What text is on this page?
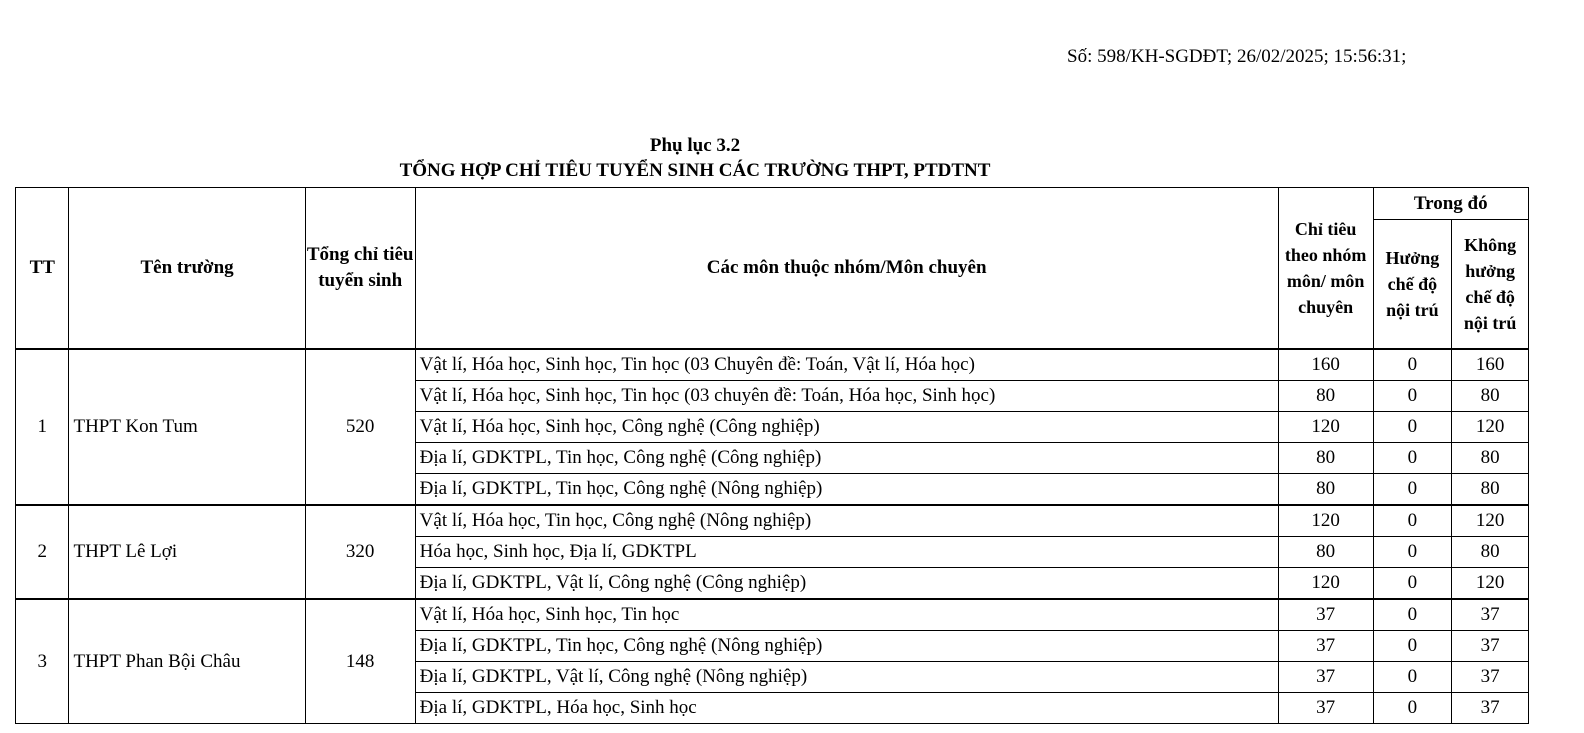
Số: 598/KH-SGDĐT; 26/02/2025; 15:56:31;
Phụ lục 3.2
TỔNG HỢP CHỈ TIÊU TUYỂN SINH CÁC TRƯỜNG THPT, PTDTNT
TT	Tên trường	Tổng chỉ tiêu tuyển sinh	Các môn thuộc nhóm/Môn chuyên	Chỉ tiêu theo nhóm môn/ môn chuyên	Trong đó	
					Hưởng chế độ nội trú	Không hưởng chế độ nội trú
1	THPT Kon Tum	520	Vật lí, Hóa học, Sinh học, Tin học (03 Chuyên đề: Toán, Vật lí, Hóa học)	160	0	160
			Vật lí, Hóa học, Sinh học, Tin học (03 chuyên đề: Toán, Hóa học, Sinh học)	80	0	80
			Vật lí, Hóa học, Sinh học, Công nghệ (Công nghiệp)	120	0	120
			Địa lí, GDKTPL, Tin học, Công nghệ (Công nghiệp)	80	0	80
			Địa lí, GDKTPL, Tin học, Công nghệ (Nông nghiệp)	80	0	80
2	THPT Lê Lợi	320	Vật lí, Hóa học, Tin học, Công nghệ (Nông nghiệp)	120	0	120
			Hóa học, Sinh học, Địa lí, GDKTPL	80	0	80
			Địa lí, GDKTPL, Vật lí, Công nghệ (Công nghiệp)	120	0	120
3	THPT Phan Bội Châu	148	Vật lí, Hóa học, Sinh học, Tin học	37	0	37
			Địa lí, GDKTPL, Tin học, Công nghệ (Nông nghiệp)	37	0	37
			Địa lí, GDKTPL, Vật lí, Công nghệ (Nông nghiệp)	37	0	37
			Địa lí, GDKTPL, Hóa học, Sinh học	37	0	37
